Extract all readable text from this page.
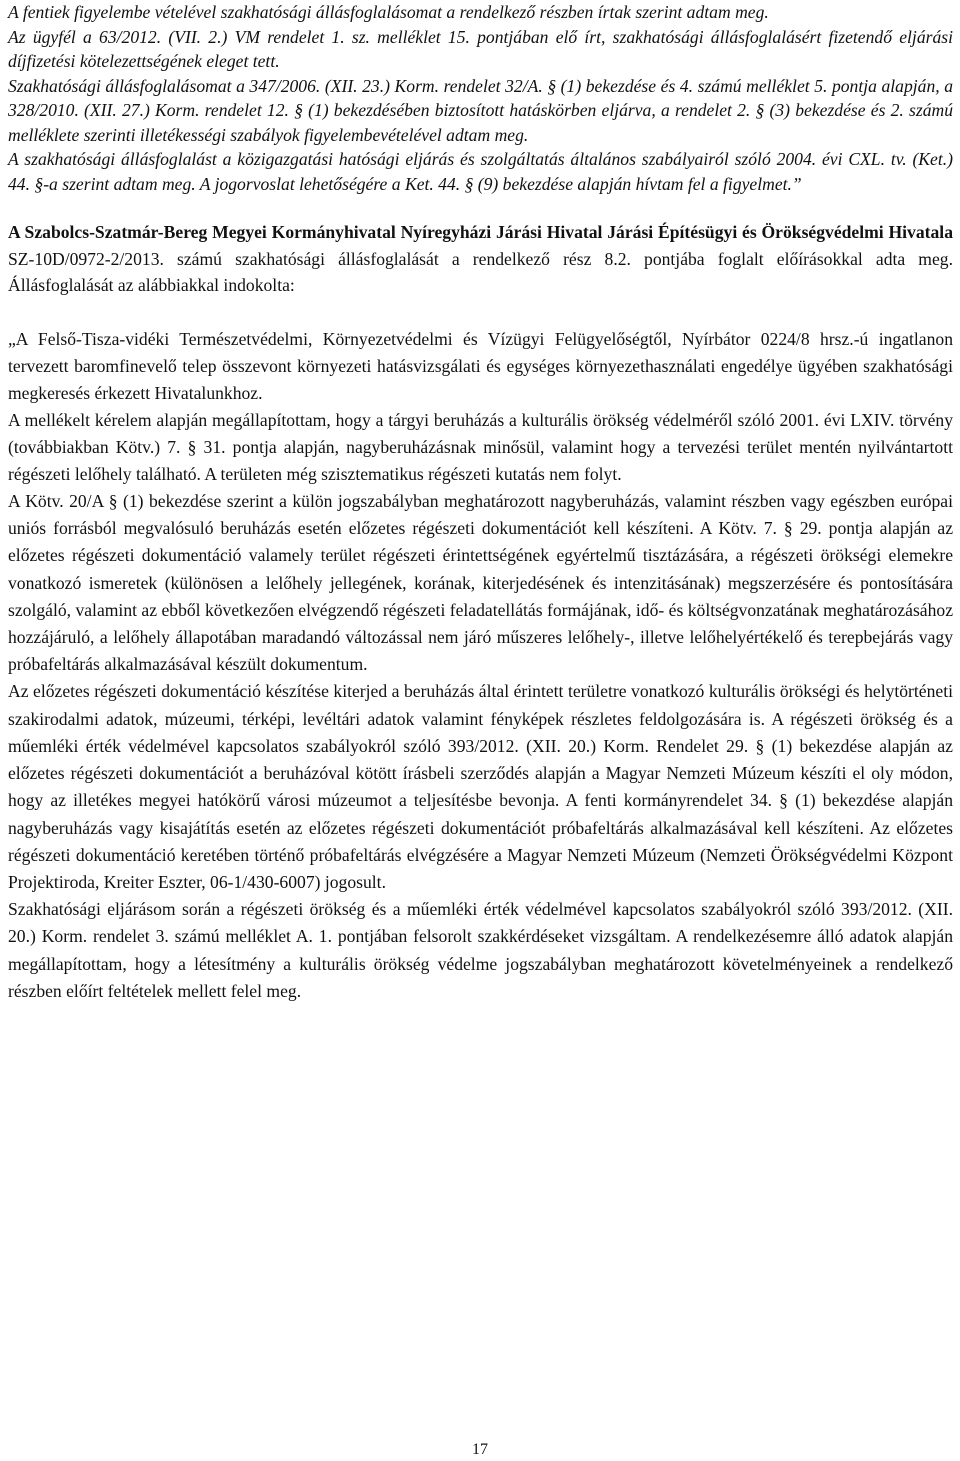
A fentiek figyelembe vételével szakhatósági állásfoglalásomat a rendelkező részben írtak szerint adtam meg.

Az ügyfél a 63/2012. (VII. 2.) VM rendelet 1. sz. melléklet 15. pontjában elő írt, szakhatósági állásfoglalásért fizetendő eljárási díjfizetési kötelezettségének eleget tett.

Szakhatósági állásfoglalásomat a 347/2006. (XII. 23.) Korm. rendelet 32/A. § (1) bekezdése és 4. számú melléklet 5. pontja alapján, a 328/2010. (XII. 27.) Korm. rendelet 12. § (1) bekezdésében biztosított hatáskörben eljárva, a rendelet 2. § (3) bekezdése és 2. számú melléklete szerinti illetékességi szabályok figyelembevételével adtam meg.

A szakhatósági állásfoglalást a közigazgatási hatósági eljárás és szolgáltatás általános szabályairól szóló 2004. évi CXL. tv. (Ket.) 44. §-a szerint adtam meg. A jogorvoslat lehetőségére a Ket. 44. § (9) bekezdése alapján hívtam fel a figyelmet.”

A Szabolcs-Szatmár-Bereg Megyei Kormányhivatal Nyíregyházi Járási Hivatal Járási Építésügyi és Örökségvédelmi Hivatala SZ-10D/0972-2/2013. számú szakhatósági állásfoglalását a rendelkező rész 8.2. pontjába foglalt előírásokkal adta meg. Állásfoglalását az alábbiakkal indokolta:

„A Felső-Tisza-vidéki Természetvédelmi, Környezetvédelmi és Vízügyi Felügyelőségtől, Nyírbátor 0224/8 hrsz.-ú ingatlanon tervezett baromfinevelő telep összevont környezeti hatásvizsgálati és egységes környezethasználati engedélye ügyében szakhatósági megkeresés érkezett Hivatalunkhoz.

A mellékelt kérelem alapján megállapítottam, hogy a tárgyi beruházás a kulturális örökség védelméről szóló 2001. évi LXIV. törvény (továbbiakban Kötv.) 7. § 31. pontja alapján, nagyberuházásnak minősül, valamint hogy a tervezési terület mentén nyilvántartott régészeti lelőhely található. A területen még szisztematikus régészeti kutatás nem folyt.

A Kötv. 20/A § (1) bekezdése szerint a külön jogszabályban meghatározott nagyberuházás, valamint részben vagy egészben európai uniós forrásból megvalósuló beruházás esetén előzetes régészeti dokumentációt kell készíteni. A Kötv. 7. § 29. pontja alapján az előzetes régészeti dokumentáció valamely terület régészeti érintettségének egyértelmű tisztázására, a régészeti örökségi elemekre vonatkozó ismeretek (különösen a lelőhely jellegének, korának, kiterjedésének és intenzitásának) megszerzésére és pontosítására szolgáló, valamint az ebből következően elvégzendő régészeti feladatellátás formájának, idő- és költségvonzatának meghatározásához hozzájáruló, a lelőhely állapotában maradandó változással nem járó műszeres lelőhely-, illetve lelőhelyértékelő és terepbejárás vagy próbafeltárás alkalmazásával készült dokumentum.

Az előzetes régészeti dokumentáció készítése kiterjed a beruházás által érintett területre vonatkozó kulturális örökségi és helytörténeti szakirodalmi adatok, múzeumi, térképi, levéltári adatok valamint fényképek részletes feldolgozására is. A régészeti örökség és a műemléki érték védelmével kapcsolatos szabályokról szóló 393/2012. (XII. 20.) Korm. Rendelet 29. § (1) bekezdése alapján az előzetes régészeti dokumentációt a beruházóval kötött írásbeli szerződés alapján a Magyar Nemzeti Múzeum készíti el oly módon, hogy az illetékes megyei hatókörű városi múzeumot a teljesítésbe bevonja. A fenti kormányrendelet 34. § (1) bekezdése alapján nagyberuházás vagy kisajátítás esetén az előzetes régészeti dokumentációt próbafeltárás alkalmazásával kell készíteni. Az előzetes régészeti dokumentáció keretében történő próbafeltárás elvégzésére a Magyar Nemzeti Múzeum (Nemzeti Örökségvédelmi Központ Projektiroda, Kreiter Eszter, 06-1/430-6007) jogosult.

Szakhatósági eljárásom során a régészeti örökség és a műemléki érték védelmével kapcsolatos szabályokról szóló 393/2012. (XII. 20.) Korm. rendelet 3. számú melléklet A. 1. pontjában felsorolt szakkérdéseket vizsgáltam. A rendelkezésemre álló adatok alapján megállapítottam, hogy a létesítmény a kulturális örökség védelme jogszabályban meghatározott követelményeinek a rendelkező részben előírt feltételek mellett felel meg.

17
